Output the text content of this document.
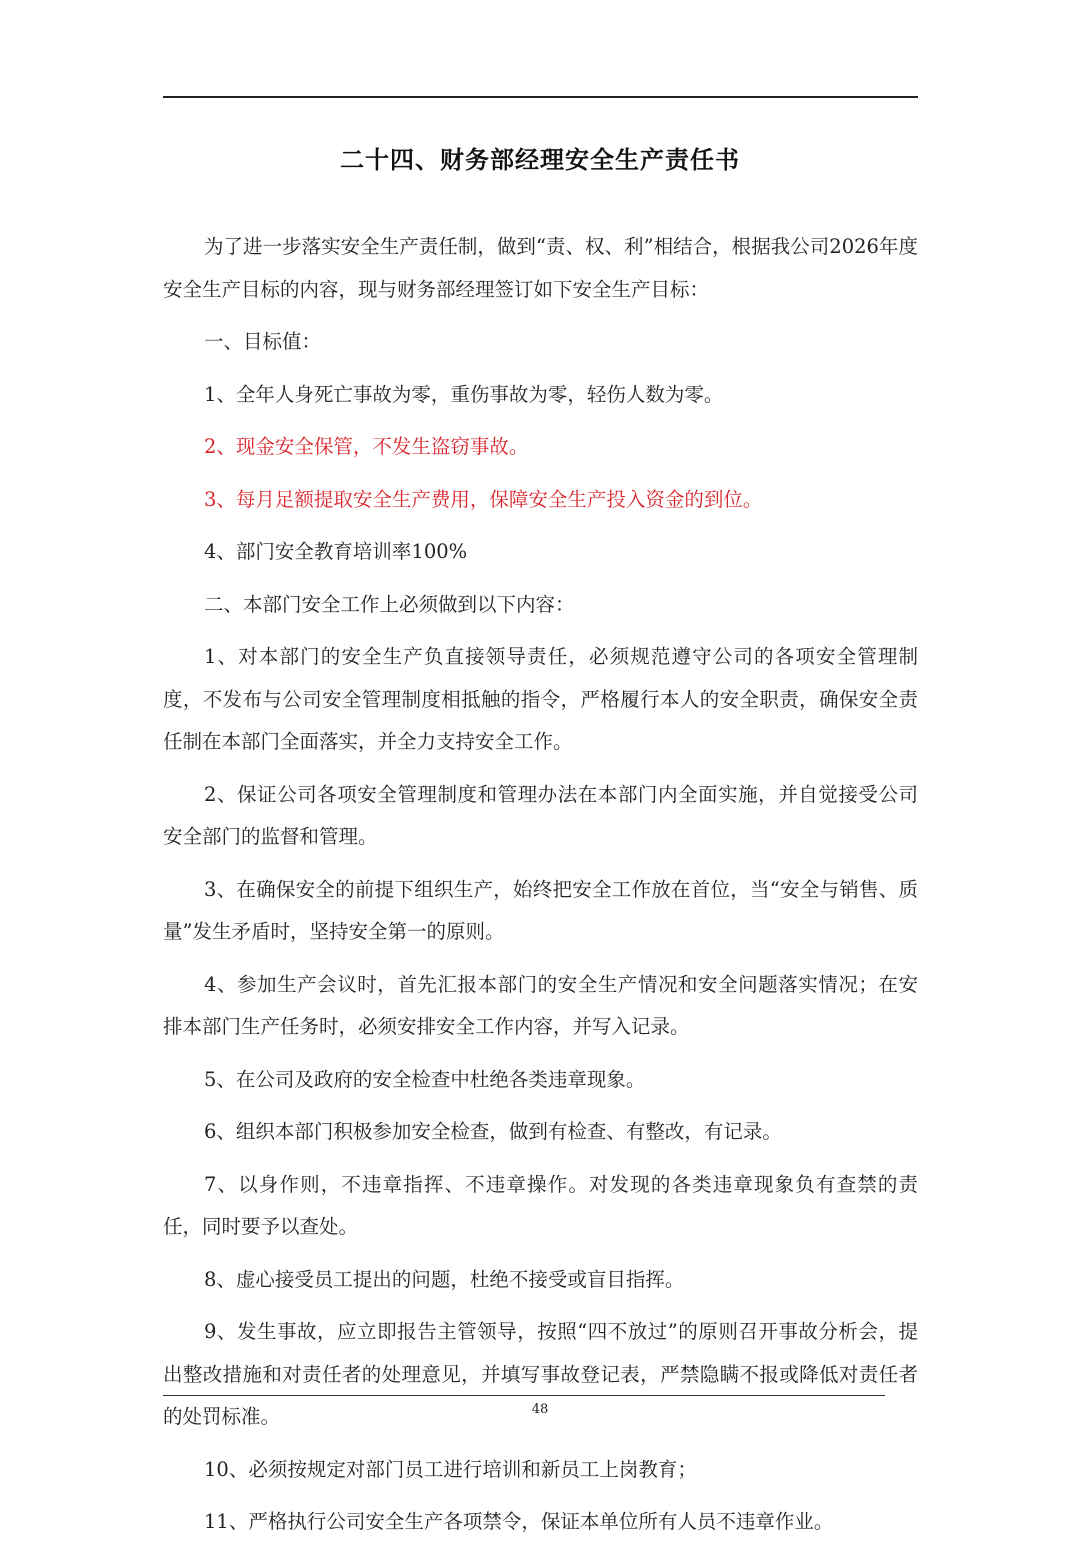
二十四、财务部经理安全生产责任书

为了进一步落实安全生产责任制，做到“责、权、利”相结合，根据我公司2026年度安全生产目标的内容，现与财务部经理签订如下安全生产目标：

一、目标值：

1、全年人身死亡事故为零，重伤事故为零，轻伤人数为零。

2、现金安全保管，不发生盗窃事故。

3、每月足额提取安全生产费用，保障安全生产投入资金的到位。

4、部门安全教育培训率100%

二、本部门安全工作上必须做到以下内容：

1、对本部门的安全生产负直接领导责任，必须规范遵守公司的各项安全管理制度，不发布与公司安全管理制度相抵触的指令，严格履行本人的安全职责，确保安全责任制在本部门全面落实，并全力支持安全工作。

2、保证公司各项安全管理制度和管理办法在本部门内全面实施，并自觉接受公司安全部门的监督和管理。

3、在确保安全的前提下组织生产，始终把安全工作放在首位，当“安全与销售、质量”发生矛盾时，坚持安全第一的原则。

4、参加生产会议时，首先汇报本部门的安全生产情况和安全问题落实情况；在安排本部门生产任务时，必须安排安全工作内容，并写入记录。

5、在公司及政府的安全检查中杜绝各类违章现象。

6、组织本部门积极参加安全检查，做到有检查、有整改，有记录。

7、以身作则，不违章指挥、不违章操作。对发现的各类违章现象负有查禁的责任，同时要予以查处。

8、虚心接受员工提出的问题，杜绝不接受或盲目指挥。

9、发生事故，应立即报告主管领导，按照“四不放过”的原则召开事故分析会，提出整改措施和对责任者的处理意见，并填写事故登记表，严禁隐瞒不报或降低对责任者的处罚标准。

10、必须按规定对部门员工进行培训和新员工上岗教育；

11、严格执行公司安全生产各项禁令，保证本单位所有人员不违章作业。

48
